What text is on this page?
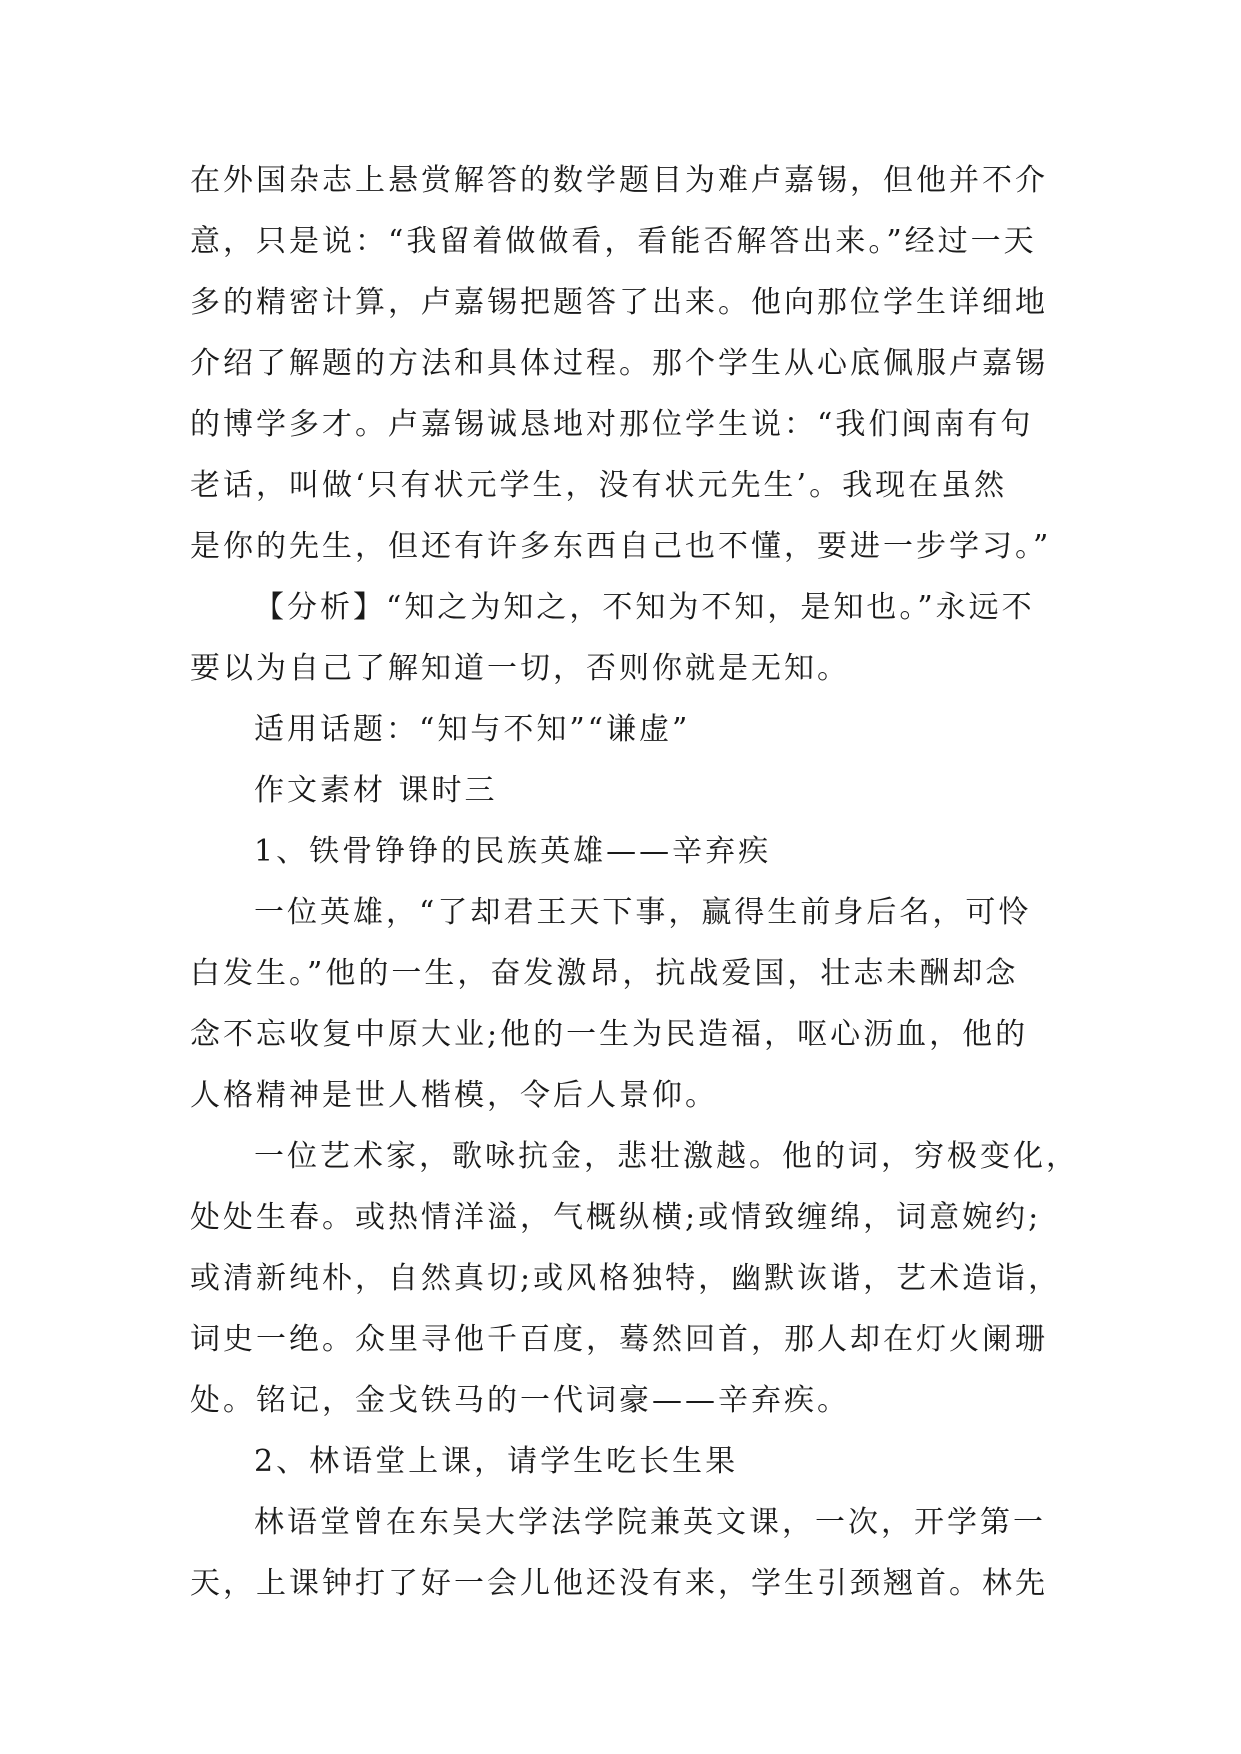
在外国杂志上悬赏解答的数学题目为难卢嘉锡，但他并不介
意，只是说：“我留着做做看，看能否解答出来。”经过一天
多的精密计算，卢嘉锡把题答了出来。他向那位学生详细地
介绍了解题的方法和具体过程。那个学生从心底佩服卢嘉锡
的博学多才。卢嘉锡诚恳地对那位学生说：“我们闽南有句
老话，叫做‘只有状元学生，没有状元先生’。我现在虽然
是你的先生，但还有许多东西自己也不懂，要进一步学习。”
【分析】“知之为知之，不知为不知，是知也。”永远不
要以为自己了解知道一切，否则你就是无知。
适用话题：“知与不知”“谦虚”
作文素材 课时三
1、铁骨铮铮的民族英雄——辛弃疾
一位英雄，“了却君王天下事，赢得生前身后名，可怜
白发生。”他的一生，奋发激昂，抗战爱国，壮志未酬却念
念不忘收复中原大业;他的一生为民造福，呕心沥血，他的
人格精神是世人楷模，令后人景仰。
一位艺术家，歌咏抗金，悲壮激越。他的词，穷极变化，
处处生春。或热情洋溢，气概纵横;或情致缠绵，词意婉约;
或清新纯朴，自然真切;或风格独特，幽默诙谐，艺术造诣，
词史一绝。众里寻他千百度，蓦然回首，那人却在灯火阑珊
处。铭记，金戈铁马的一代词豪——辛弃疾。
2、林语堂上课，请学生吃长生果
林语堂曾在东吴大学法学院兼英文课，一次，开学第一
天，上课钟打了好一会儿他还没有来，学生引颈翘首。林先
